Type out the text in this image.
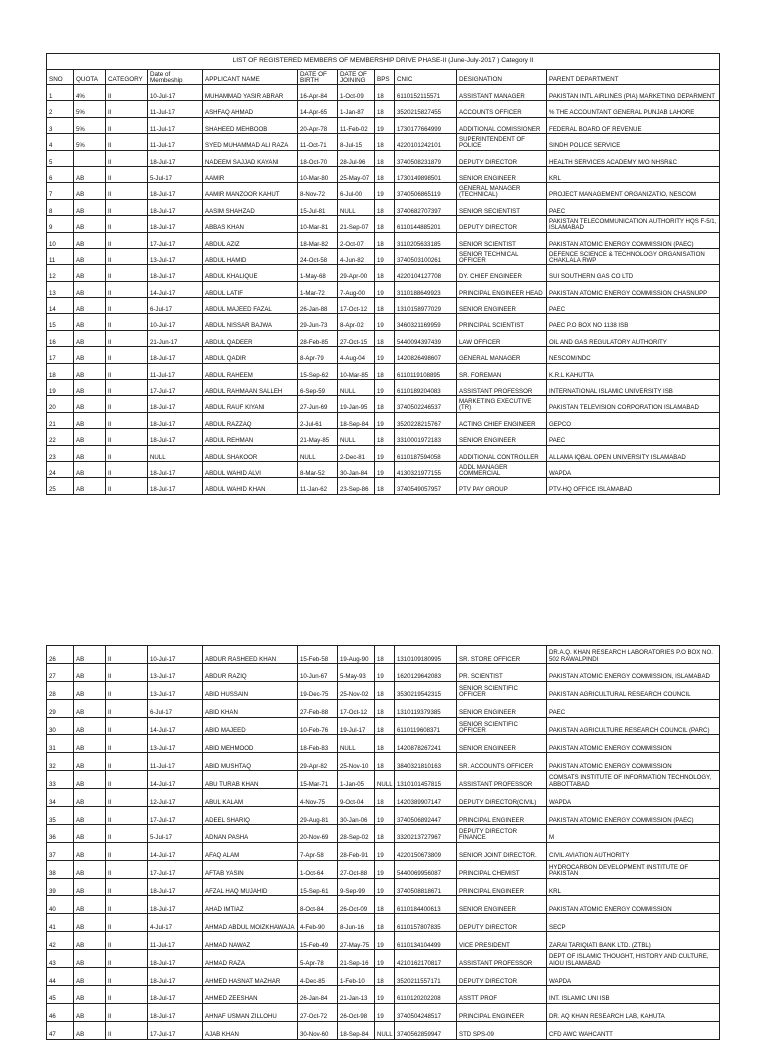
LIST OF REGISTERED MEMBERS OF MEMBERSHIP DRIVE PHASE-II (June-July-2017 ) Category II										
SNO	QUOTA	CATEGORY	Date of Membeship	APPLICANT NAME	DATE OF BIRTH	DATE OF JOINING	BPS	CNIC	DESIGNATION	PARENT DEPARTMENT
1	4%	II	10-Jul-17	MUHAMMAD YASIR ABRAR	16-Apr-84	1-Oct-09	18	6110152115571	ASSISTANT MANAGER	PAKISTAN INTL AIRLINES (PIA) MARKETING DEPARMENT
2	5%	II	11-Jul-17	ASHFAQ AHMAD	14-Apr-65	1-Jan-87	18	3520215827455	ACCOUNTS OFFICER	% THE ACCOUNTANT GENERAL PUNJAB LAHORE
3	5%	II	11-Jul-17	SHAHEED MEHBOOB	20-Apr-78	11-Feb-02	19	1730177664999	ADDITIONAL COMISSIONER	FEDERAL BOARD OF REVENUE
4	5%	II	11-Jul-17	SYED MUHAMMAD ALI RAZA	11-Oct-71	8-Jul-15	18	4220101242101	SUPERINTENDENT OF POLICE	SINDH POLICE SERVICE
5		II	18-Jul-17	NADEEM SAJJAD KAYANI	18-Oct-70	28-Jul-96	18	3740508231879	DEPUTY DIRECTOR	HEALTH SERVICES ACADEMY M/O NHSR&C
6	AB	II	5-Jul-17	AAMIR	10-Mar-80	25-May-07	18	1730149898501	SENIOR ENGINEER	KRL
7	AB	II	18-Jul-17	AAMIR MANZOOR KAHUT	8-Nov-72	6-Jul-00	19	3740506865119	GENERAL MANAGER (TECHNICAL)	PROJECT MANAGEMENT ORGANIZATIO, NESCOM
8	AB	II	18-Jul-17	AASIM SHAHZAD	15-Jul-81	NULL	18	3740682707397	SENIOR SECIENTIST	PAEC
9	AB	II	18-Jul-17	ABBAS KHAN	10-Mar-81	21-Sep-07	18	6110144885201	DEPUTY DIRECTOR	PAKISTAN TELECOMMUNICATION AUTHORITY HQS F-5/1, ISLAMABAD
10	AB	II	17-Jul-17	ABDUL AZIZ	18-Mar-82	2-Oct-07	18	3110205633185	SENIOR SCIENTIST	PAKISTAN ATOMIC ENERGY COMMISSION (PAEC)
11	AB	II	13-Jul-17	ABDUL HAMID	24-Oct-58	4-Jun-82	19	3740503100261	SENIOR TECHNICAL OFFICER	DEFENCE SCIENCE & TECHNOLOGY ORGANISATION CHAKLALA RWP
12	AB	II	18-Jul-17	ABDUL KHALIQUE	1-May-68	29-Apr-00	18	4220104127708	DY. CHIEF ENGINEER	SUI SOUTHERN GAS CO LTD
13	AB	II	14-Jul-17	ABDUL LATIF	1-Mar-72	7-Aug-00	19	3110188649923	PRINCIPAL ENGINEER HEAD	PAKISTAN ATOMIC ENERGY COMMISSION CHASNUPP
14	AB	II	6-Jul-17	ABDUL MAJEED FAZAL	26-Jan-88	17-Oct-12	18	1310158977029	SENIOR ENGINEER	PAEC
15	AB	II	10-Jul-17	ABDUL NISSAR BAJWA	29-Jun-73	8-Apr-02	19	3460321169959	PRINCIPAL SCIENTIST	PAEC P.O BOX NO 1138 ISB
16	AB	II	21-Jun-17	ABDUL QADEER	28-Feb-85	27-Oct-15	18	5440094397439	LAW OFFICER	OIL AND GAS REGULATORY AUTHORITY
17	AB	II	18-Jul-17	ABDUL QADIR	8-Apr-79	4-Aug-04	19	1420826498607	GENERAL MANAGER	NESCOM/NDC
18	AB	II	11-Jul-17	ABDUL RAHEEM	15-Sep-62	10-Mar-85	18	6110119108895	SR. FOREMAN	K.R.L KAHUTTA
19	AB	II	17-Jul-17	ABDUL RAHMAAN SALLEH	6-Sep-59	NULL	19	6110189204083	ASSISTANT PROFESSOR	INTERNATIONAL ISLAMIC UNIVERSITY ISB
20	AB	II	18-Jul-17	ABDUL RAUF KIYANI	27-Jun-69	19-Jan-95	18	3740502246537	MARKETING EXECUTIVE (TR)	PAKISTAN TELEVISION CORPORATION ISLAMABAD
21	AB	II	18-Jul-17	ABDUL RAZZAQ	2-Jul-61	18-Sep-84	19	3520228215767	ACTING CHIEF ENGINEER	GEPCO
22	AB	II	18-Jul-17	ABDUL REHMAN	21-May-85	NULL	18	3310001972183	SENIOR ENGINEER	PAEC
23	AB	II	NULL	ABDUL SHAKOOR	NULL	2-Dec-81	19	6110187594058	ADDITIONAL CONTROLLER	ALLAMA IQBAL OPEN UNIVERSITY ISLAMABAD
24	AB	II	18-Jul-17	ABDUL WAHID ALVI	8-Mar-52	30-Jan-84	19	4130321977155	ADDL MANAGER COMMERCIAL	WAPDA
25	AB	II	18-Jul-17	ABDUL WAHID KHAN	11-Jan-62	23-Sep-86	18	3740549057957	PTV PAY GROUP	PTV-HQ OFFICE ISLAMABAD
26	AB	II	10-Jul-17	ABDUR RASHEED KHAN	15-Feb-58	19-Aug-90	18	1310109180995	SR. STORE OFFICER	DR.A.Q. KHAN RESEARCH LABORATORIES P.O BOX NO. 502 RAWALPINDI
27	AB	II	13-Jul-17	ABDUR RAZIQ	10-Jun-67	5-May-93	19	1620129642083	PR. SCIENTIST	PAKISTAN ATOMIC ENERGY COMMISSION, ISLAMABAD
28	AB	II	13-Jul-17	ABID HUSSAIN	19-Dec-75	25-Nov-02	18	3530219542315	SENIOR SCIENTIFIC OFFICER	PAKISTAN AGRICULTURAL RESEARCH COUNCIL
29	AB	II	6-Jul-17	ABID KHAN	27-Feb-88	17-Oct-12	18	1310119379385	SENIOR ENGINEER	PAEC
30	AB	II	14-Jul-17	ABID MAJEED	10-Feb-76	19-Jul-17	18	6110119608371	SENIOR SCIENTIFIC OFFICER	PAKISTAN AGRICULTURE RESEARCH COUNCIL (PARC)
31	AB	II	13-Jul-17	ABID MEHMOOD	18-Feb-83	NULL	18	1420878267241	SENIOR ENGINEER	PAKISTAN ATOMIC ENERGY COMMISSION
32	AB	II	11-Jul-17	ABID MUSHTAQ	29-Apr-82	25-Nov-10	18	3840321810163	SR. ACCOUNTS OFFICER	PAKISTAN ATOMIC ENERGY COMMISSION
33	AB	II	14-Jul-17	ABU TURAB KHAN	15-Mar-71	1-Jan-05	NULL	1310101457815	ASSISTANT PROFESSOR	COMSATS INSTITUTE OF INFORMATION TECHNOLOGY, ABBOTTABAD
34	AB	II	12-Jul-17	ABUL KALAM	4-Nov-75	9-Oct-04	18	1420389907147	DEPUTY DIRECTOR(CIVIL)	WAPDA
35	AB	II	17-Jul-17	ADEEL SHARIQ	29-Aug-81	30-Jan-06	19	3740506892447	PRINCIPAL ENGINEER	PAKISTAN ATOMIC ENERGY COMMISSION (PAEC)
36	AB	II	5-Jul-17	ADNAN PASHA	20-Nov-69	28-Sep-02	18	3320213727967	DEPUTY DIRECTOR FINANCE	M
37	AB	II	14-Jul-17	AFAQ ALAM	7-Apr-58	28-Feb-91	19	4220150673809	SENIOR JOINT DIRECTOR.	CIVIL AVIATION AUTHORITY
38	AB	II	17-Jul-17	AFTAB YASIN	1-Oct-64	27-Oct-88	19	5440069956087	PRINCIPAL CHEMIST	HYDROCARBON DEVELOPMENT INSTITUTE OF PAKISTAN
39	AB	II	18-Jul-17	AFZAL HAQ MUJAHID	15-Sep-61	9-Sep-99	19	3740508818671	PRINCIPAL ENGINEER	KRL
40	AB	II	18-Jul-17	AHAD IMTIAZ	8-Oct-84	26-Oct-09	18	6110184400613	SENIOR ENGINEER	PAKISTAN ATOMIC ENERGY COMMISSION
41	AB	II	4-Jul-17	AHMAD ABDUL MOIZKHAWAJA	4-Feb-90	8-Jun-16	18	6110157807835	DEPUTY DIRECTOR	SECP
42	AB	II	11-Jul-17	AHMAD NAWAZ	15-Feb-49	27-May-75	19	6110134104499	VICE PRESIDENT	ZARAI TARIQIATI BANK LTD. (ZTBL)
43	AB	II	18-Jul-17	AHMAD RAZA	5-Apr-78	21-Sep-16	19	4210162170817	ASSISTANT PROFESSOR	DEPT OF ISLAMIC THOUGHT, HISTORY AND CULTURE, AIOU ISLAMABAD
44	AB	II	18-Jul-17	AHMED HASNAT MAZHAR	4-Dec-85	1-Feb-10	18	3520211557171	DEPUTY DIRECTOR	WAPDA
45	AB	II	18-Jul-17	AHMED ZEESHAN	26-Jan-84	21-Jan-13	19	6110120202208	ASSTT PROF	INT. ISLAMIC UNI ISB
46	AB	II	18-Jul-17	AHNAF USMAN ZILLOHU	27-Oct-72	26-Oct-98	19	3740504248517	PRINCIPAL ENGINEER	DR. AQ KHAN RESEARCH LAB, KAHUTA
47	AB	II	17-Jul-17	AJAB KHAN	30-Nov-60	18-Sep-84	NULL	3740562859947	STD SPS-09	CFD AWC WAHCANTT
